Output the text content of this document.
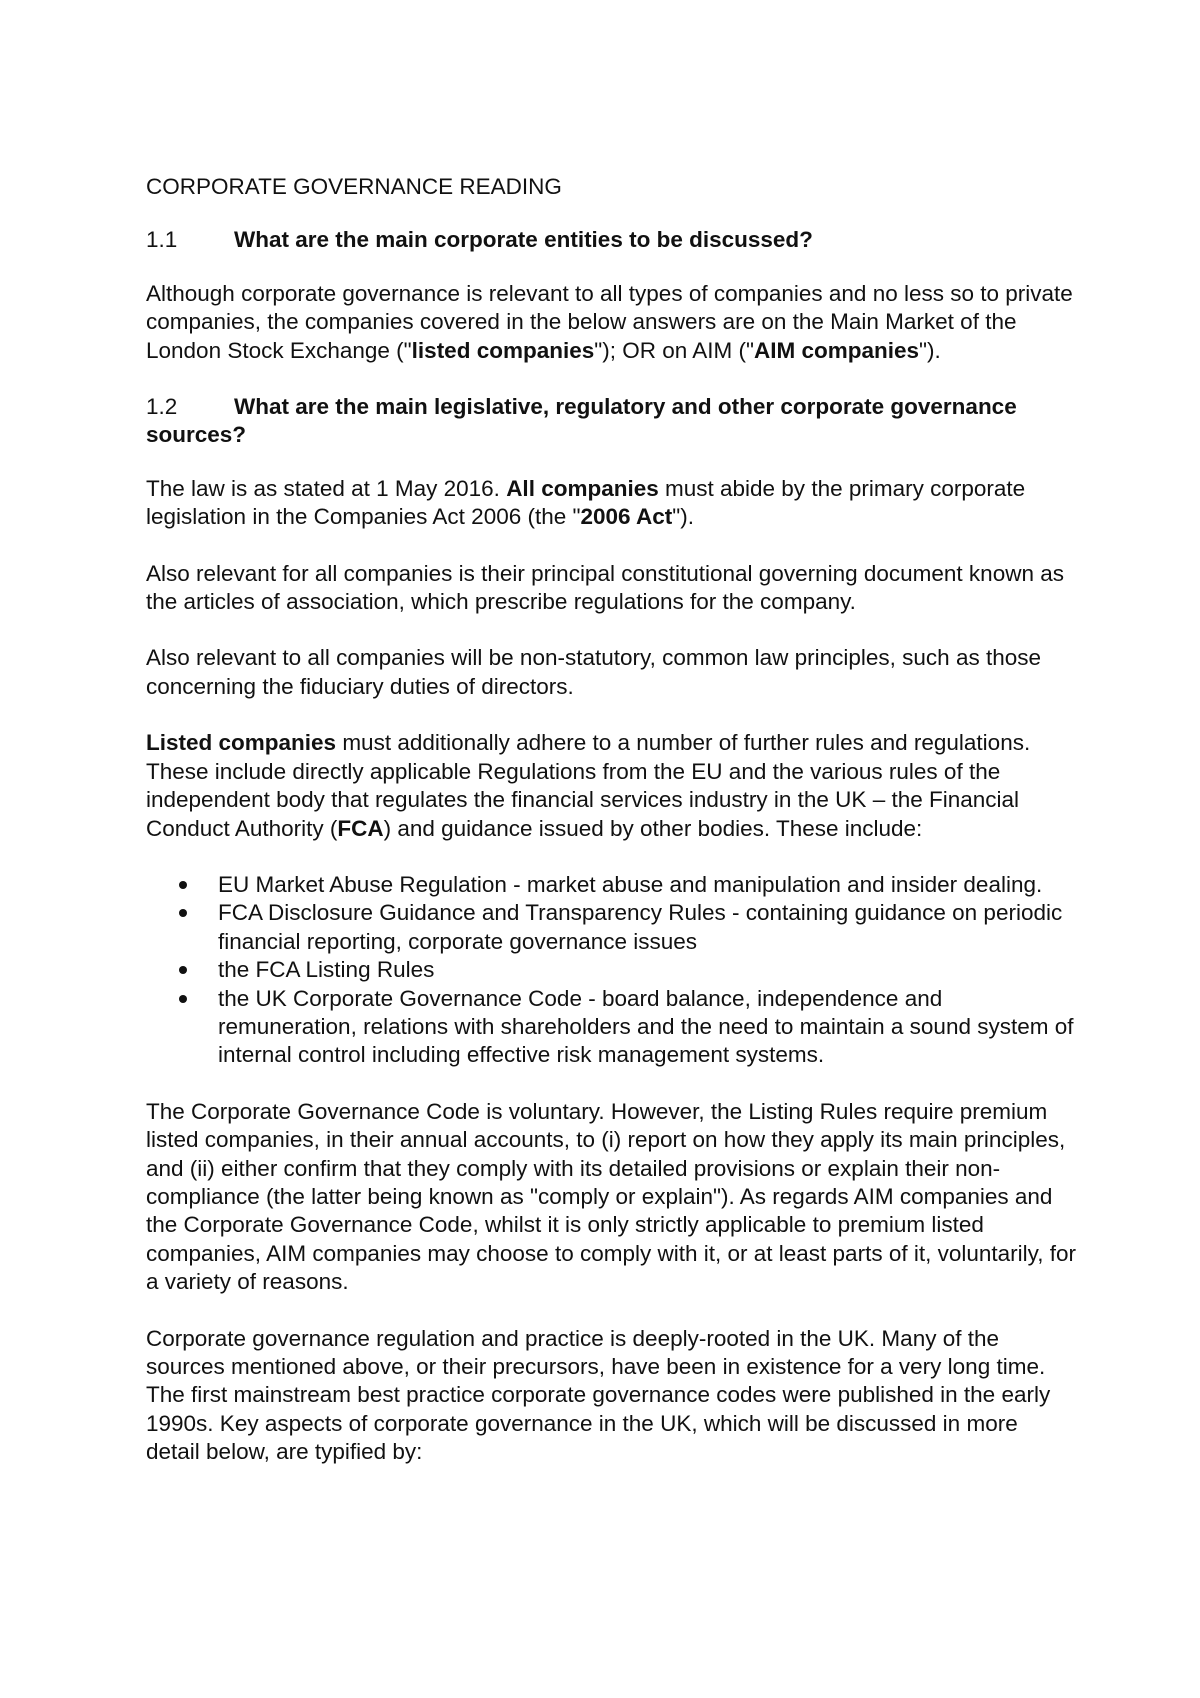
CORPORATE GOVERNANCE READING
1.1	What are the main corporate entities to be discussed?

Although corporate governance is relevant to all types of companies and no less so to private companies, the companies covered in the below answers are on the Main Market of the London Stock Exchange ("listed companies"); OR on AIM ("AIM companies").

1.2	What are the main legislative, regulatory and other corporate governance sources?

The law is as stated at 1 May 2016. All companies must abide by the primary corporate legislation in the Companies Act 2006 (the "2006 Act").

Also relevant for all companies is their principal constitutional governing document known as the articles of association, which prescribe regulations for the company.

Also relevant to all companies will be non-statutory, common law principles, such as those concerning the fiduciary duties of directors.

Listed companies must additionally adhere to a number of further rules and regulations. These include directly applicable Regulations from the EU and the various rules of the independent body that regulates the financial services industry in the UK – the Financial Conduct Authority (FCA) and guidance issued by other bodies. These include:

EU Market Abuse Regulation - market abuse and manipulation and insider dealing.
FCA Disclosure Guidance and Transparency Rules - containing guidance on periodic financial reporting, corporate governance issues
the FCA Listing Rules
the UK Corporate Governance Code - board balance, independence and remuneration, relations with shareholders and the need to maintain a sound system of internal control including effective risk management systems.

The Corporate Governance Code is voluntary. However, the Listing Rules require premium listed companies, in their annual accounts, to (i) report on how they apply its main principles, and (ii) either confirm that they comply with its detailed provisions or explain their non-compliance (the latter being known as "comply or explain"). As regards AIM companies and the Corporate Governance Code, whilst it is only strictly applicable to premium listed companies, AIM companies may choose to comply with it, or at least parts of it, voluntarily, for a variety of reasons.

Corporate governance regulation and practice is deeply-rooted in the UK. Many of the sources mentioned above, or their precursors, have been in existence for a very long time. The first mainstream best practice corporate governance codes were published in the early 1990s. Key aspects of corporate governance in the UK, which will be discussed in more detail below, are typified by:
